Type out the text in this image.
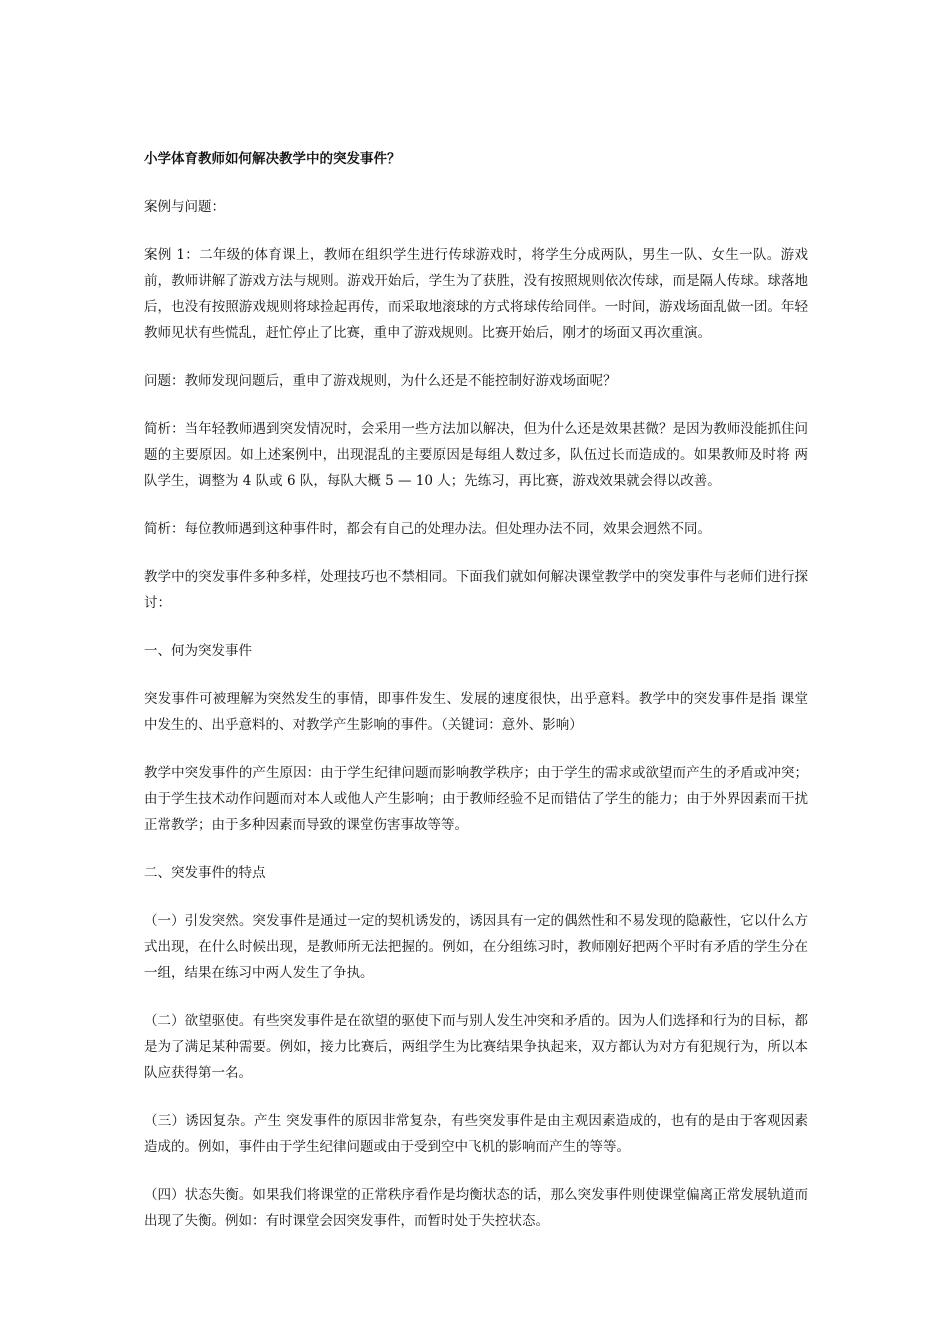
小学体育教师如何解决教学中的突发事件？

案例与问题：

案例 1：二年级的体育课上，教师在组织学生进行传球游戏时，将学生分成两队，男生一队、女生一队。游戏前，教师讲解了游戏方法与规则。游戏开始后，学生为了获胜，没有按照规则依次传球，而是隔人传球。球落地后，也没有按照游戏规则将球捡起再传，而采取地滚球的方式将球传给同伴。一时间，游戏场面乱做一团。年轻教师见状有些慌乱，赶忙停止了比赛，重申了游戏规则。比赛开始后，刚才的场面又再次重演。

问题：教师发现问题后，重申了游戏规则，为什么还是不能控制好游戏场面呢？

简析：当年轻教师遇到突发情况时，会采用一些方法加以解决，但为什么还是效果甚微？是因为教师没能抓住问题的主要原因。如上述案例中，出现混乱的主要原因是每组人数过多，队伍过长而造成的。如果教师及时将 两队学生，调整为 4 队或 6 队，每队大概 5 — 10 人；先练习，再比赛，游戏效果就会得以改善。

简析：每位教师遇到这种事件时，都会有自己的处理办法。但处理办法不同，效果会迥然不同。

教学中的突发事件多种多样，处理技巧也不禁相同。下面我们就如何解决课堂教学中的突发事件与老师们进行探讨：

一、何为突发事件

突发事件可被理解为突然发生的事情，即事件发生、发展的速度很快，出乎意料。教学中的突发事件是指 课堂中发生的、出乎意料的、对教学产生影响的事件。（关键词：意外、影响）

教学中突发事件的产生原因：由于学生纪律问题而影响教学秩序；由于学生的需求或欲望而产生的矛盾或冲突；由于学生技术动作问题而对本人或他人产生影响；由于教师经验不足而错估了学生的能力；由于外界因素而干扰正常教学；由于多种因素而导致的课堂伤害事故等等。

二、突发事件的特点

（一）引发突然。突发事件是通过一定的契机诱发的，诱因具有一定的偶然性和不易发现的隐蔽性，它以什么方式出现，在什么时候出现，是教师所无法把握的。例如，在分组练习时，教师刚好把两个平时有矛盾的学生分在一组，结果在练习中两人发生了争执。

（二）欲望驱使。有些突发事件是在欲望的驱使下而与别人发生冲突和矛盾的。因为人们选择和行为的目标，都是为了满足某种需要。例如，接力比赛后，两组学生为比赛结果争执起来，双方都认为对方有犯规行为，所以本队应获得第一名。

（三）诱因复杂。产生 突发事件的原因非常复杂，有些突发事件是由主观因素造成的，也有的是由于客观因素造成的。例如，事件由于学生纪律问题或由于受到空中飞机的影响而产生的等等。

（四）状态失衡。如果我们将课堂的正常秩序看作是均衡状态的话，那么突发事件则使课堂偏离正常发展轨道而出现了失衡。例如：有时课堂会因突发事件，而暂时处于失控状态。
